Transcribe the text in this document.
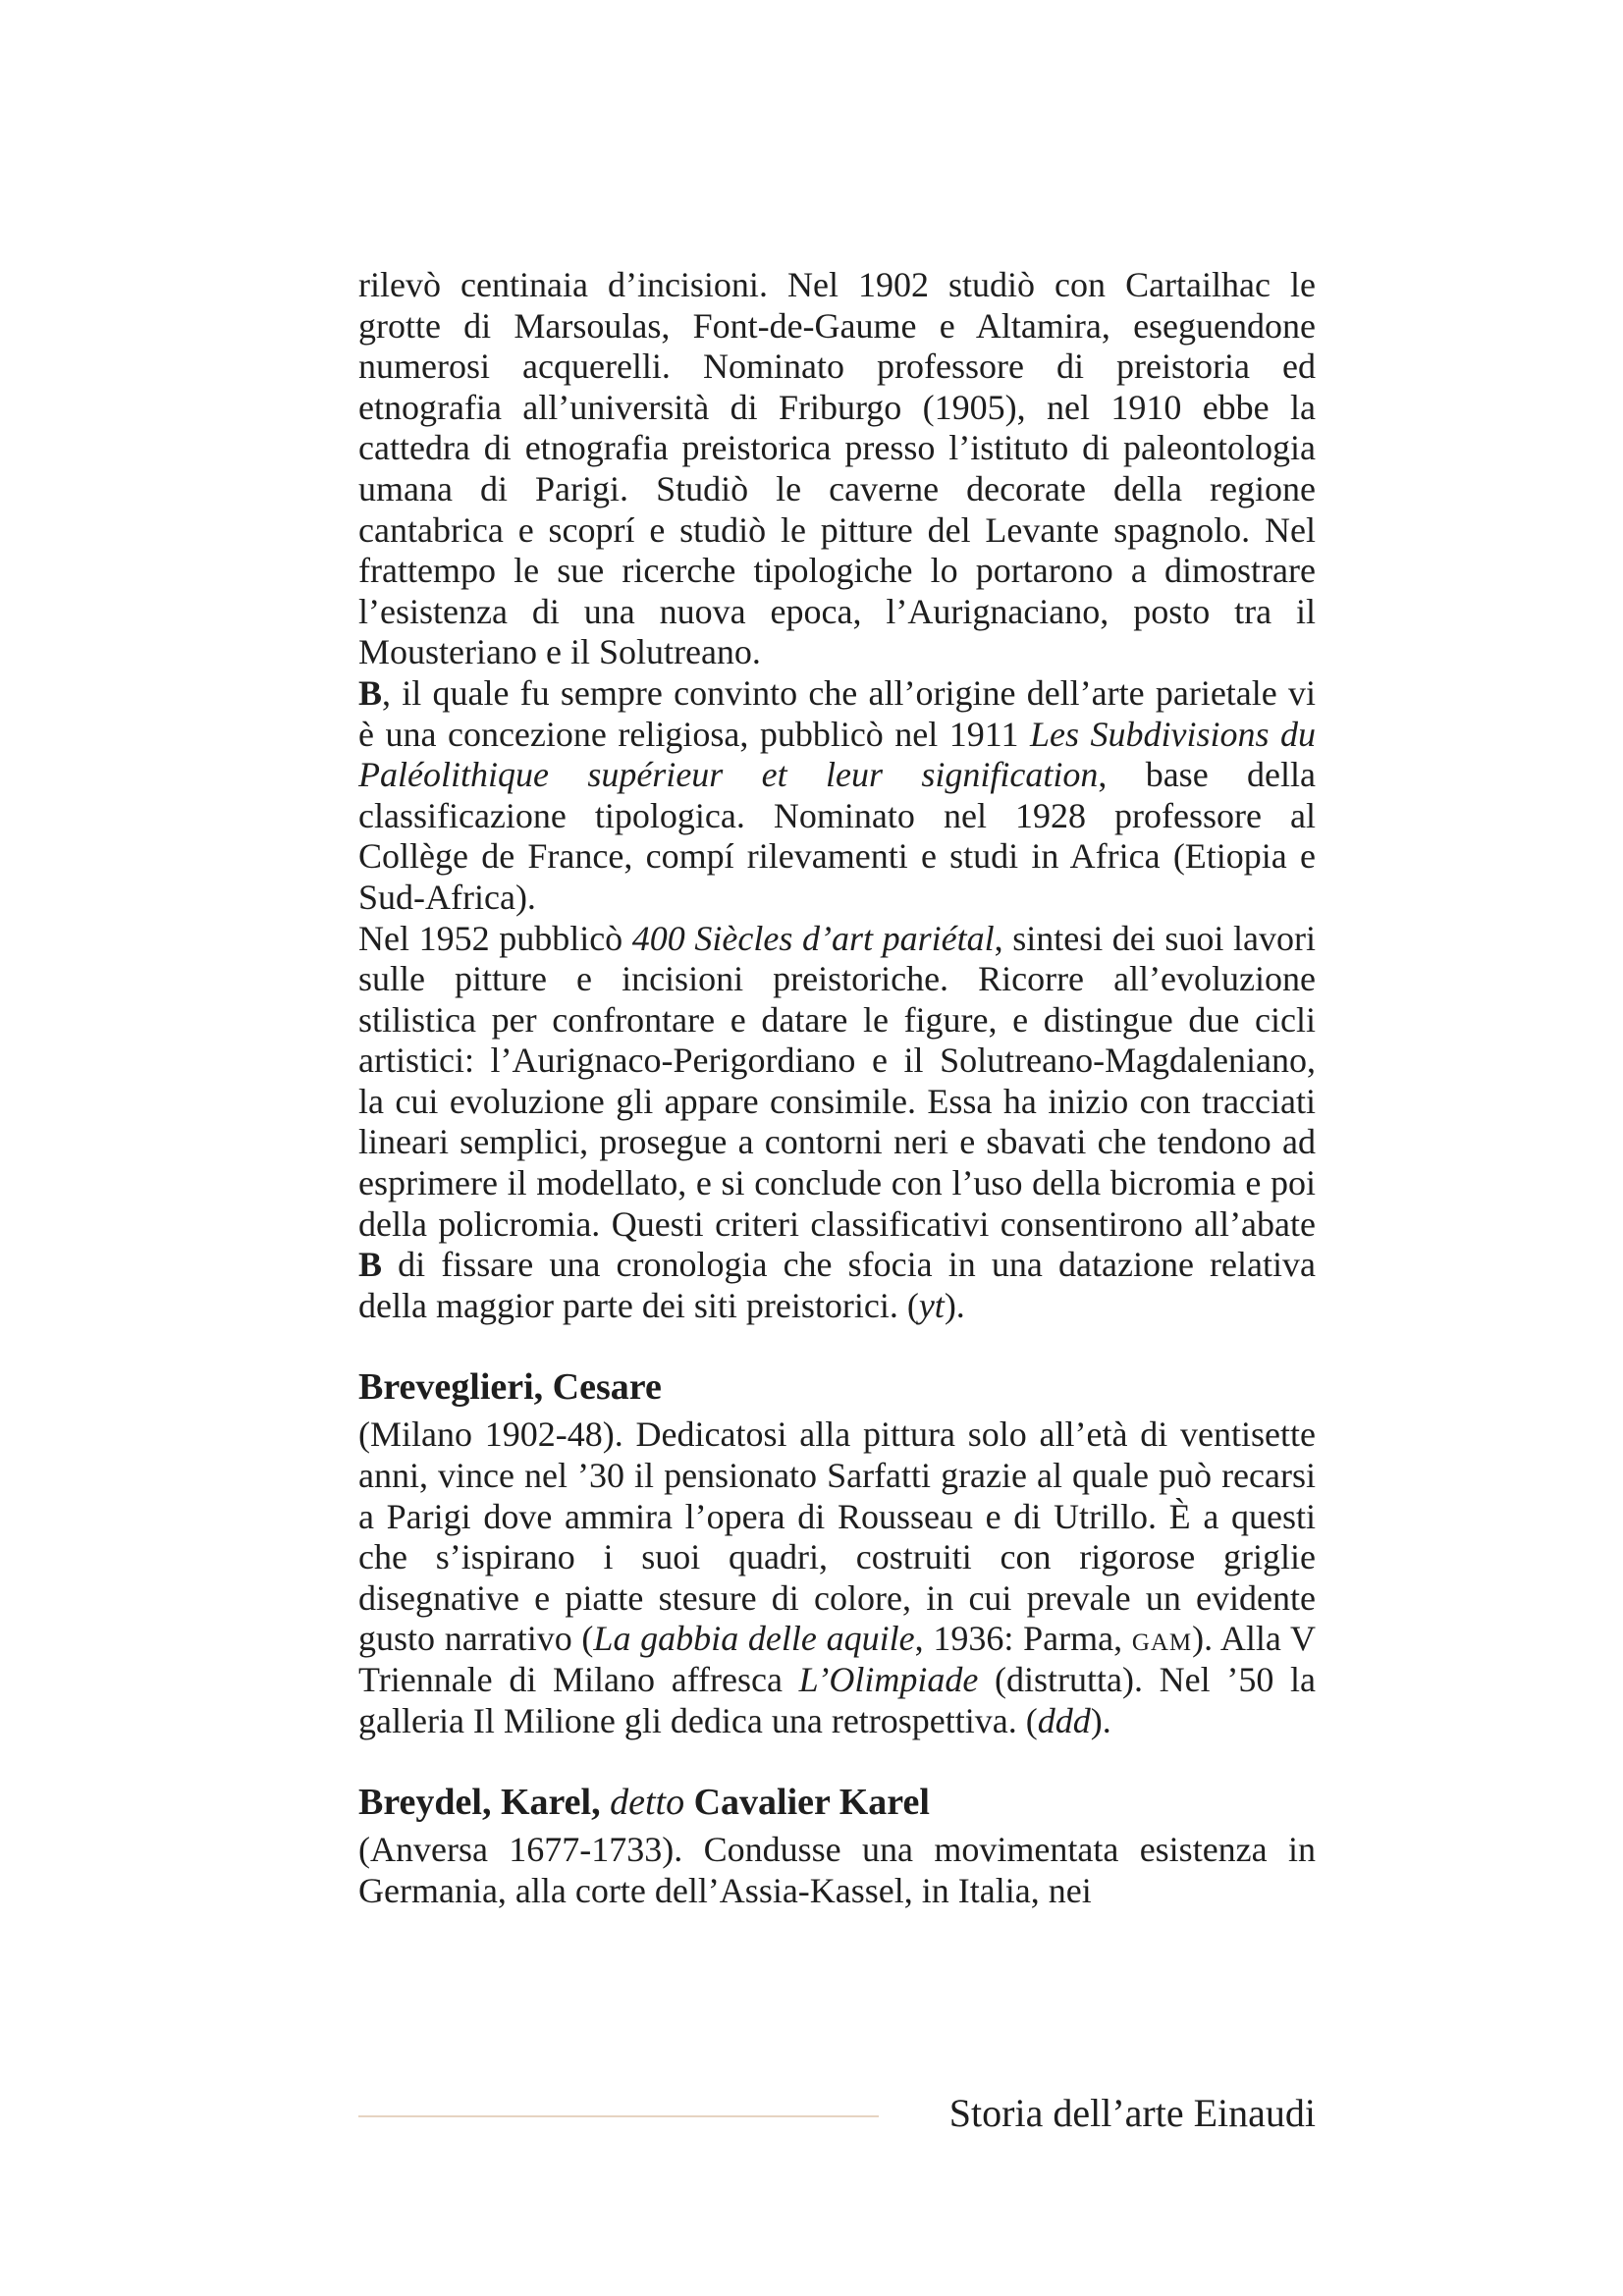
rilevò centinaia d’incisioni. Nel 1902 studiò con Cartailhac le grotte di Marsoulas, Font-de-Gaume e Altamira, eseguendone numerosi acquerelli. Nominato professore di preistoria ed etnografia all’università di Friburgo (1905), nel 1910 ebbe la cattedra di etnografia preistorica presso l’istituto di paleontologia umana di Parigi. Studiò le caverne decorate della regione cantabrica e scoprí e studiò le pitture del Levante spagnolo. Nel frattempo le sue ricerche tipologiche lo portarono a dimostrare l’esistenza di una nuova epoca, l’Aurignaciano, posto tra il Mousteriano e il Solutreano.
B, il quale fu sempre convinto che all’origine dell’arte parietale vi è una concezione religiosa, pubblicò nel 1911 Les Subdivisions du Paléolithique supérieur et leur signification, base della classificazione tipologica. Nominato nel 1928 professore al Collège de France, compí rilevamenti e studi in Africa (Etiopia e Sud-Africa).

Nel 1952 pubblicò 400 Siècles d’art pariétal, sintesi dei suoi lavori sulle pitture e incisioni preistoriche. Ricorre all’evoluzione stilistica per confrontare e datare le figure, e distingue due cicli artistici: l’Aurignaco-Perigordiano e il Solutreano-Magdaleniano, la cui evoluzione gli appare consimile. Essa ha inizio con tracciati lineari semplici, prosegue a contorni neri e sbavati che tendono ad esprimere il modellato, e si conclude con l’uso della bicromia e poi della policromia. Questi criteri classificativi consentirono all’abate B di fissare una cronologia che sfocia in una datazione relativa della maggior parte dei siti preistorici. (yt).

Breveglieri, Cesare

(Milano 1902-48). Dedicatosi alla pittura solo all’età di ventisette anni, vince nel ’30 il pensionato Sarfatti grazie al quale può recarsi a Parigi dove ammira l’opera di Rousseau e di Utrillo. È a questi che s’ispirano i suoi quadri, costruiti con rigorose griglie disegnative e piatte stesure di colore, in cui prevale un evidente gusto narrativo (La gabbia delle aquile, 1936: Parma, gam). Alla V Triennale di Milano affresca L’Olimpiade (distrutta). Nel ’50 la galleria Il Milione gli dedica una retrospettiva. (ddd).

Breydel, Karel, detto Cavalier Karel

(Anversa 1677-1733). Condusse una movimentata esistenza in Germania, alla corte dell’Assia-Kassel, in Italia, nei

Storia dell’arte Einaudi
